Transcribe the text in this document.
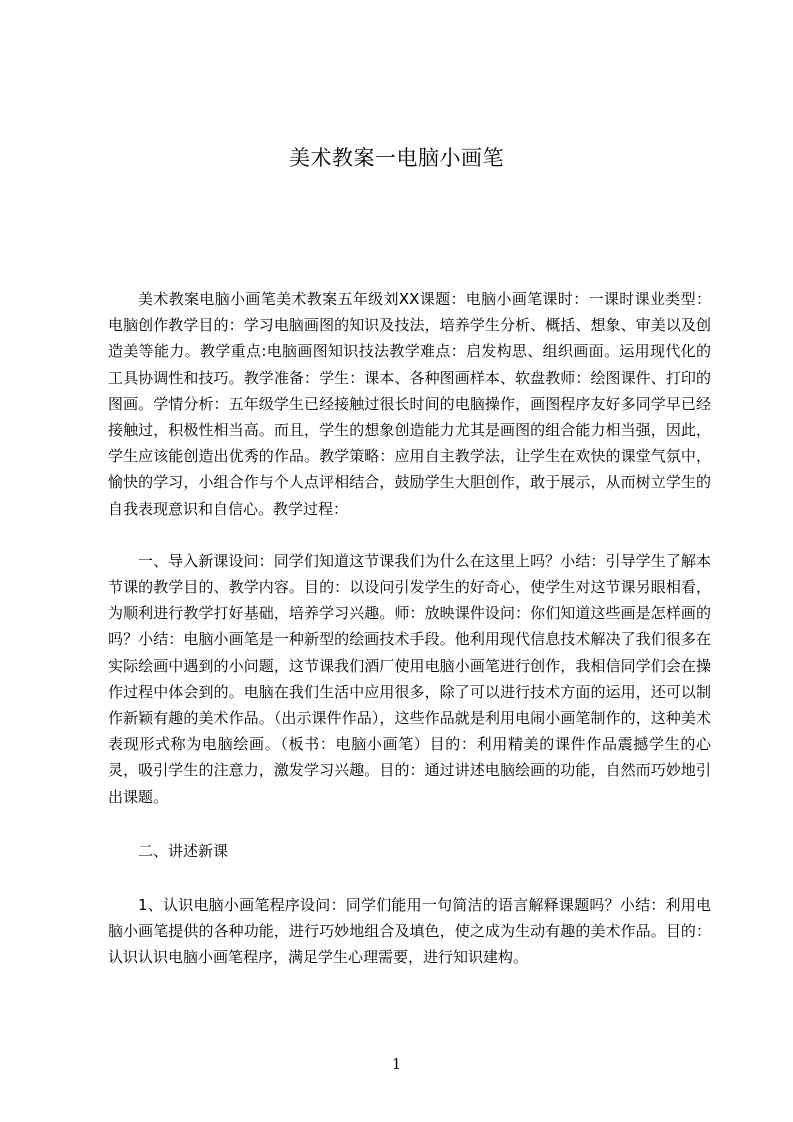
美术教案一电脑小画笔

美术教案电脑小画笔美术教案五年级刘XX课题：电脑小画笔课时：一课时课业类型：电脑创作教学目的：学习电脑画图的知识及技法，培养学生分析、概括、想象、审美以及创造美等能力。教学重点:电脑画图知识技法教学难点：启发构思、组织画面。运用现代化的工具协调性和技巧。教学准备：学生：课本、各种图画样本、软盘教师：绘图课件、打印的图画。学情分析：五年级学生已经接触过很长时间的电脑操作，画图程序友好多同学早已经接触过，积极性相当高。而且，学生的想象创造能力尤其是画图的组合能力相当强，因此，学生应该能创造出优秀的作品。教学策略：应用自主教学法，让学生在欢快的课堂气氛中，愉快的学习，小组合作与个人点评相结合，鼓励学生大胆创作，敢于展示，从而树立学生的自我表现意识和自信心。教学过程：

一、导入新课设问：同学们知道这节课我们为什么在这里上吗？小结：引导学生了解本节课的教学目的、教学内容。目的：以设问引发学生的好奇心，使学生对这节课另眼相看，为顺利进行教学打好基础，培养学习兴趣。师：放映课件设问：你们知道这些画是怎样画的吗？小结：电脑小画笔是一种新型的绘画技术手段。他利用现代信息技术解决了我们很多在实际绘画中遇到的小问题，这节课我们酒厂使用电脑小画笔进行创作，我相信同学们会在操作过程中体会到的。电脑在我们生活中应用很多，除了可以进行技术方面的运用，还可以制作新颖有趣的美术作品。（出示课件作品），这些作品就是利用电闹小画笔制作的，这种美术表现形式称为电脑绘画。（板书：电脑小画笔）目的：利用精美的课件作品震撼学生的心灵，吸引学生的注意力，激发学习兴趣。目的：通过讲述电脑绘画的功能，自然而巧妙地引出课题。

二、讲述新课

1、认识电脑小画笔程序设问：同学们能用一句简洁的语言解释课题吗？小结：利用电脑小画笔提供的各种功能，进行巧妙地组合及填色，使之成为生动有趣的美术作品。目的：认识认识电脑小画笔程序，满足学生心理需要，进行知识建构。

1
